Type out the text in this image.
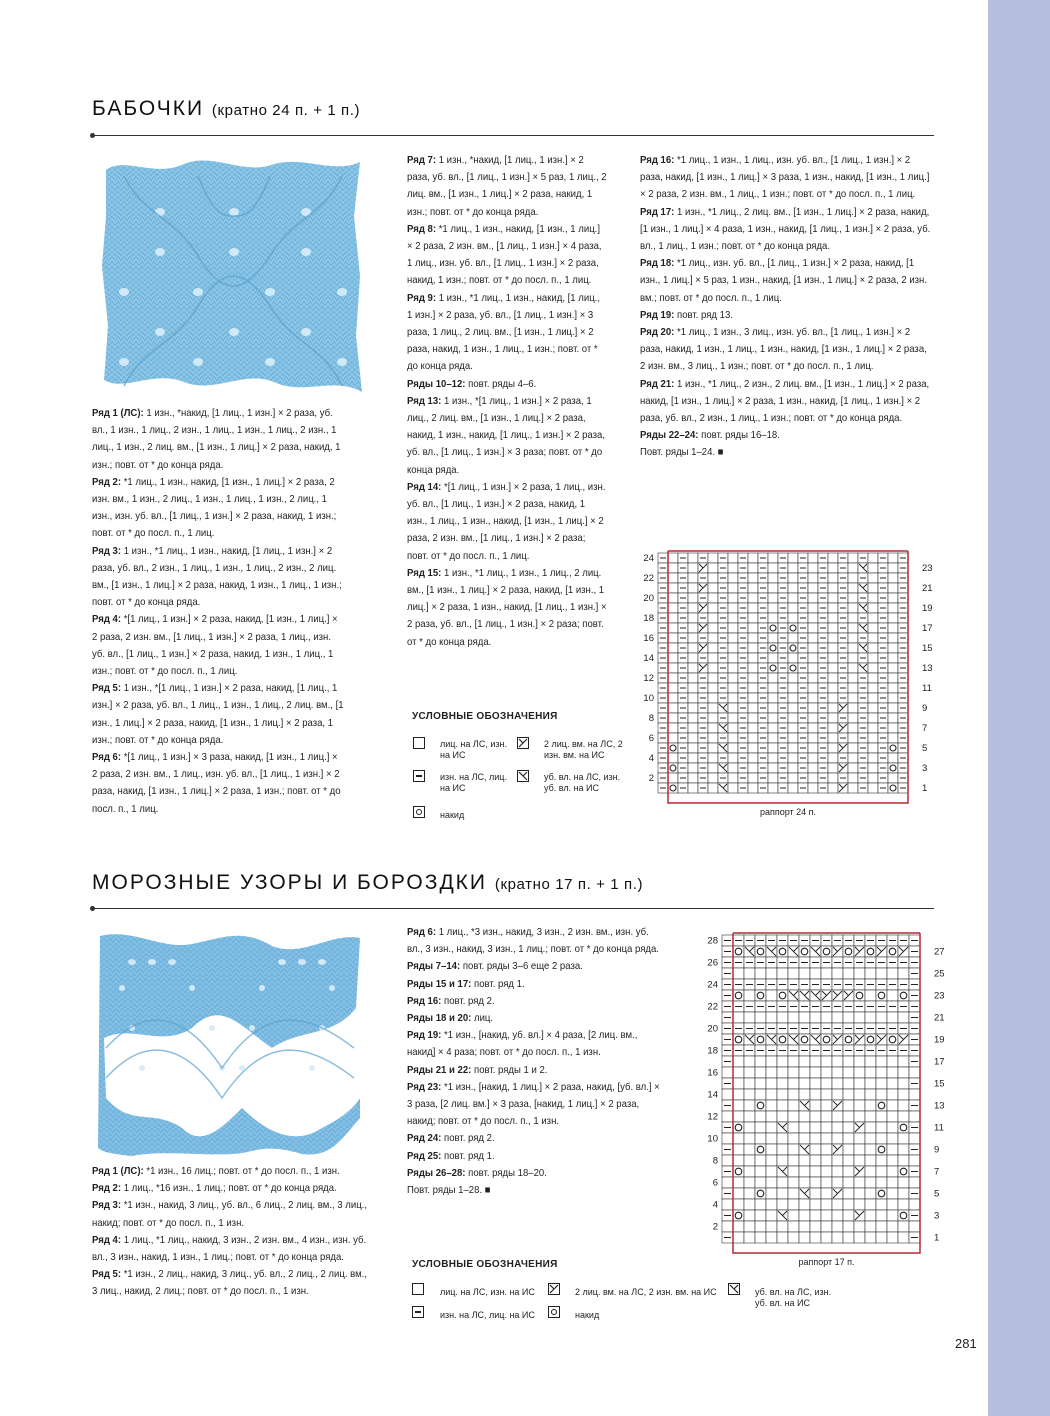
БАБОЧКИ (кратно 24 п. + 1 п.)

Ряд 1 (ЛС): 1 изн., *накид, [1 лиц., 1 изн.] × 2 раза, уб. вл., 1 изн., 1 лиц., 2 изн., 1 лиц., 1 изн., 1 лиц., 2 изн., 1 лиц., 1 изн., 2 лиц. вм., [1 изн., 1 лиц.] × 2 раза, накид, 1 изн.; повт. от * до конца ряда.

Ряд 2: *1 лиц., 1 изн., накид, [1 изн., 1 лиц.] × 2 раза, 2 изн. вм., 1 изн., 2 лиц., 1 изн., 1 лиц., 1 изн., 2 лиц., 1 изн., изн. уб. вл., [1 лиц., 1 изн.] × 2 раза, накид, 1 изн.; повт. от * до посл. п., 1 лиц.

Ряд 3: 1 изн., *1 лиц., 1 изн., накид, [1 лиц., 1 изн.] × 2 раза, уб. вл., 2 изн., 1 лиц., 1 изн., 1 лиц., 2 изн., 2 лиц. вм., [1 изн., 1 лиц.] × 2 раза, накид, 1 изн., 1 лиц., 1 изн.; повт. от * до конца ряда.

Ряд 4: *[1 лиц., 1 изн.] × 2 раза, накид, [1 изн., 1 лиц.] × 2 раза, 2 изн. вм., [1 лиц., 1 изн.] × 2 раза, 1 лиц., изн. уб. вл., [1 лиц., 1 изн.] × 2 раза, накид, 1 изн., 1 лиц., 1 изн.; повт. от * до посл. п., 1 лиц.

Ряд 5: 1 изн., *[1 лиц., 1 изн.] × 2 раза, накид, [1 лиц., 1 изн.] × 2 раза, уб. вл., 1 лиц., 1 изн., 1 лиц., 2 лиц. вм., [1 изн., 1 лиц.] × 2 раза, накид, [1 изн., 1 лиц.] × 2 раза, 1 изн.; повт. от * до конца ряда.

Ряд 6: *[1 лиц., 1 изн.] × 3 раза, накид, [1 изн., 1 лиц.] × 2 раза, 2 изн. вм., 1 лиц., изн. уб. вл., [1 лиц., 1 изн.] × 2 раза, накид, [1 изн., 1 лиц.] × 2 раза, 1 изн.; повт. от * до посл. п., 1 лиц.

Ряд 7: 1 изн., *накид, [1 лиц., 1 изн.] × 2 раза, уб. вл., [1 лиц., 1 изн.] × 5 раз, 1 лиц., 2 лиц. вм., [1 изн., 1 лиц.] × 2 раза, накид, 1 изн.; повт. от * до конца ряда.

Ряд 8: *1 лиц., 1 изн., накид, [1 изн., 1 лиц.] × 2 раза, 2 изн. вм., [1 лиц., 1 изн.] × 4 раза, 1 лиц., изн. уб. вл., [1 лиц., 1 изн.] × 2 раза, накид, 1 изн.; повт. от * до посл. п., 1 лиц.

Ряд 9: 1 изн., *1 лиц., 1 изн., накид, [1 лиц., 1 изн.] × 2 раза, уб. вл., [1 лиц., 1 изн.] × 3 раза, 1 лиц., 2 лиц. вм., [1 изн., 1 лиц.] × 2 раза, накид, 1 изн., 1 лиц., 1 изн.; повт. от * до конца ряда.

Ряды 10–12: повт. ряды 4–6.

Ряд 13: 1 изн., *[1 лиц., 1 изн.] × 2 раза, 1 лиц., 2 лиц. вм., [1 изн., 1 лиц.] × 2 раза, накид, 1 изн., накид, [1 лиц., 1 изн.] × 2 раза, уб. вл., [1 лиц., 1 изн.] × 3 раза; повт. от * до конца ряда.

Ряд 14: *[1 лиц., 1 изн.] × 2 раза, 1 лиц., изн. уб. вл., [1 лиц., 1 изн.] × 2 раза, накид, 1 изн., 1 лиц., 1 изн., накид, [1 изн., 1 лиц.] × 2 раза, 2 изн. вм., [1 лиц., 1 изн.] × 2 раза; повт. от * до посл. п., 1 лиц.

Ряд 15: 1 изн., *1 лиц., 1 изн., 1 лиц., 2 лиц. вм., [1 изн., 1 лиц.] × 2 раза, накид, [1 изн., 1 лиц.] × 2 раза, 1 изн., накид, [1 лиц., 1 изн.] × 2 раза, уб. вл., [1 лиц., 1 изн.] × 2 раза; повт. от * до конца ряда.

Ряд 16: *1 лиц., 1 изн., 1 лиц., изн. уб. вл., [1 лиц., 1 изн.] × 2 раза, накид, [1 изн., 1 лиц.] × 3 раза, 1 изн., накид, [1 изн., 1 лиц.] × 2 раза, 2 изн. вм., 1 лиц., 1 изн.; повт. от * до посл. п., 1 лиц.

Ряд 17: 1 изн., *1 лиц., 2 лиц. вм., [1 изн., 1 лиц.] × 2 раза, накид, [1 изн., 1 лиц.] × 4 раза, 1 изн., накид, [1 лиц., 1 изн.] × 2 раза, уб. вл., 1 лиц., 1 изн.; повт. от * до конца ряда.

Ряд 18: *1 лиц., изн. уб. вл., [1 лиц., 1 изн.] × 2 раза, накид, [1 изн., 1 лиц.] × 5 раз, 1 изн., накид, [1 изн., 1 лиц.] × 2 раза, 2 изн. вм.; повт. от * до посл. п., 1 лиц.

Ряд 19: повт. ряд 13.

Ряд 20: *1 лиц., 1 изн., 3 лиц., изн. уб. вл., [1 лиц., 1 изн.] × 2 раза, накид, 1 изн., 1 лиц., 1 изн., накид, [1 изн., 1 лиц.] × 2 раза, 2 изн. вм., 3 лиц., 1 изн.; повт. от * до посл. п., 1 лиц.

Ряд 21: 1 изн., *1 лиц., 2 изн., 2 лиц. вм., [1 изн., 1 лиц.] × 2 раза, накид, [1 изн., 1 лиц.] × 2 раза, 1 изн., накид, [1 лиц., 1 изн.] × 2 раза, уб. вл., 2 изн., 1 лиц., 1 изн.; повт. от * до конца ряда.

Ряды 22–24: повт. ряды 16–18.

Повт. ряды 1–24. ■

УСЛОВНЫЕ ОБОЗНАЧЕНИЯ
лиц. на ЛС, изн. на ИС
изн. на ЛС, лиц. на ИС
накид
2 лиц. вм. на ЛС, 2 изн. вм. на ИС
уб. вл. на ЛС, изн. уб. вл. на ИС
24
22
20
18
16
14
12
10
8
6
4
2
23
21
19
17
15
13
11
9
7
5
3
1
раппорт 24 п.
МОРОЗНЫЕ УЗОРЫ И БОРОЗДКИ (кратно 17 п. + 1 п.)

Ряд 1 (ЛС): *1 изн., 16 лиц.; повт. от * до посл. п., 1 изн.

Ряд 2: 1 лиц., *16 изн., 1 лиц.; повт. от * до конца ряда.

Ряд 3: *1 изн., накид, 3 лиц., уб. вл., 6 лиц., 2 лиц. вм., 3 лиц., накид; повт. от * до посл. п., 1 изн.

Ряд 4: 1 лиц., *1 лиц., накид, 3 изн., 2 изн. вм., 4 изн., изн. уб. вл., 3 изн., накид, 1 изн., 1 лиц.; повт. от * до конца ряда.

Ряд 5: *1 изн., 2 лиц., накид, 3 лиц., уб. вл., 2 лиц., 2 лиц. вм., 3 лиц., накид, 2 лиц.; повт. от * до посл. п., 1 изн.

Ряд 6: 1 лиц., *3 изн., накид, 3 изн., 2 изн. вм., изн. уб. вл., 3 изн., накид, 3 изн., 1 лиц.; повт. от * до конца ряда.

Ряды 7–14: повт. ряды 3–6 еще 2 раза.

Ряды 15 и 17: повт. ряд 1.

Ряд 16: повт. ряд 2.

Ряды 18 и 20: лиц.

Ряд 19: *1 изн., [накид, уб. вл.] × 4 раза, [2 лиц. вм., накид] × 4 раза; повт. от * до посл. п., 1 изн.

Ряды 21 и 22: повт. ряды 1 и 2.

Ряд 23: *1 изн., [накид, 1 лиц.] × 2 раза, накид, [уб. вл.] × 3 раза, [2 лиц. вм.] × 3 раза, [накид, 1 лиц.] × 2 раза, накид; повт. от * до посл. п., 1 изн.

Ряд 24: повт. ряд 2.

Ряд 25: повт. ряд 1.

Ряды 26–28: повт. ряды 18–20.

Повт. ряды 1–28. ■

УСЛОВНЫЕ ОБОЗНАЧЕНИЯ
лиц. на ЛС, изн. на ИС
изн. на ЛС, лиц. на ИС
2 лиц. вм. на ЛС, 2 изн. вм. на ИС
накид
уб. вл. на ЛС, изн. уб. вл. на ИС
28
26
24
22
20
18
16
14
12
10
8
6
4
2
27
25
23
21
19
17
15
13
11
9
7
5
3
1
раппорт 17 п.
281
